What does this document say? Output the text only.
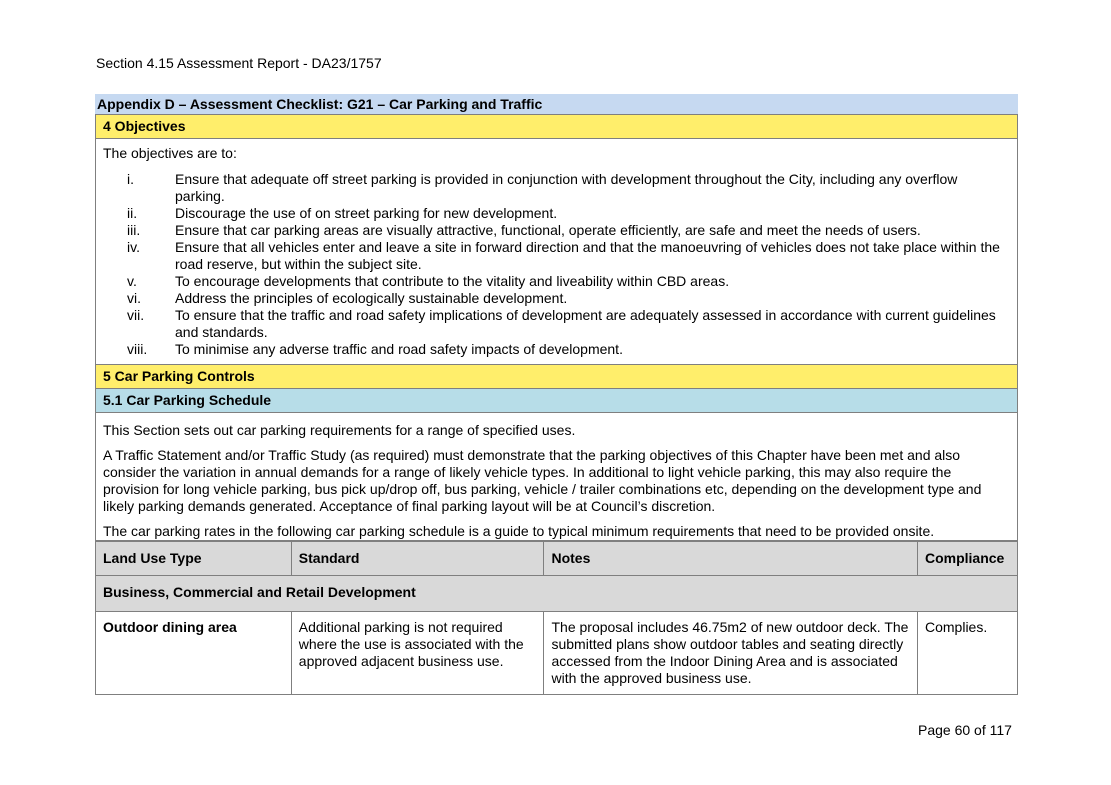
Section 4.15 Assessment Report - DA23/1757
Appendix D – Assessment Checklist: G21 – Car Parking and Traffic
4 Objectives

The objectives are to:

i.	Ensure that adequate off street parking is provided in conjunction with development throughout the City, including any overflow parking.
ii.	Discourage the use of on street parking for new development.
iii.	Ensure that car parking areas are visually attractive, functional, operate efficiently, are safe and meet the needs of users.
iv.	Ensure that all vehicles enter and leave a site in forward direction and that the manoeuvring of vehicles does not take place within the road reserve, but within the subject site.
v.	To encourage developments that contribute to the vitality and liveability within CBD areas.
vi.	Address the principles of ecologically sustainable development.
vii.	To ensure that the traffic and road safety implications of development are adequately assessed in accordance with current guidelines and standards.
viii.	To minimise any adverse traffic and road safety impacts of development.
5 Car Parking Controls
5.1 Car Parking Schedule

This Section sets out car parking requirements for a range of specified uses.

A Traffic Statement and/or Traffic Study (as required) must demonstrate that the parking objectives of this Chapter have been met and also consider the variation in annual demands for a range of likely vehicle types. In additional to light vehicle parking, this may also require the provision for long vehicle parking, bus pick up/drop off, bus parking, vehicle / trailer combinations etc, depending on the development type and likely parking demands generated. Acceptance of final parking layout will be at Council’s discretion.

The car parking rates in the following car parking schedule is a guide to typical minimum requirements that need to be provided onsite.

Land Use Type	Standard	Notes	Compliance
Business, Commercial and Retail Development			
Outdoor dining area	Additional parking is not required where the use is associated with the approved adjacent business use.	The proposal includes 46.75m2 of new outdoor deck. The submitted plans show outdoor tables and seating directly accessed from the Indoor Dining Area and is associated with the approved business use.	Complies.
Page 60 of 117
